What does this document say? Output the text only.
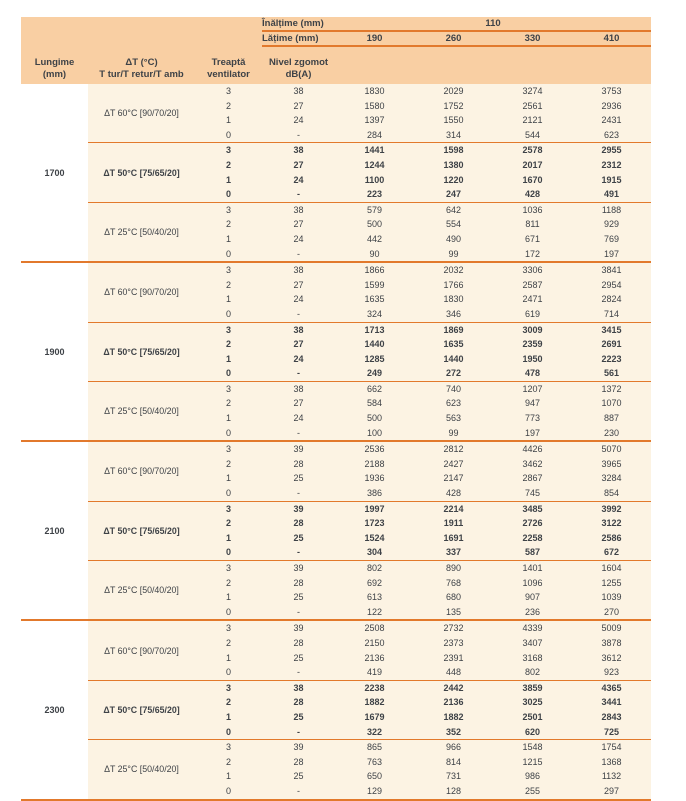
Înălțime (mm)	110
Lățime (mm)	190	260	330	410
Lungime
(mm)
ΔT (°C)
T tur/T retur/T amb
Treaptă
ventilator
Nivel zgomot
dB(A)
1700
ΔT 60°C [90/70/20]
3	38	1830	2029	3274	3753
2	27	1580	1752	2561	2936
1	24	1397	1550	2121	2431
0	-	284	314	544	623
ΔT 50°C [75/65/20]
3	38	1441	1598	2578	2955
2	27	1244	1380	2017	2312
1	24	1100	1220	1670	1915
0	-	223	247	428	491
ΔT 25°C [50/40/20]
3	38	579	642	1036	1188
2	27	500	554	811	929
1	24	442	490	671	769
0	-	90	99	172	197
1900
ΔT 60°C [90/70/20]
3	38	1866	2032	3306	3841
2	27	1599	1766	2587	2954
1	24	1635	1830	2471	2824
0	-	324	346	619	714
ΔT 50°C [75/65/20]
3	38	1713	1869	3009	3415
2	27	1440	1635	2359	2691
1	24	1285	1440	1950	2223
0	-	249	272	478	561
ΔT 25°C [50/40/20]
3	38	662	740	1207	1372
2	27	584	623	947	1070
1	24	500	563	773	887
0	-	100	99	197	230
2100
ΔT 60°C [90/70/20]
3	39	2536	2812	4426	5070
2	28	2188	2427	3462	3965
1	25	1936	2147	2867	3284
0	-	386	428	745	854
ΔT 50°C [75/65/20]
3	39	1997	2214	3485	3992
2	28	1723	1911	2726	3122
1	25	1524	1691	2258	2586
0	-	304	337	587	672
ΔT 25°C [50/40/20]
3	39	802	890	1401	1604
2	28	692	768	1096	1255
1	25	613	680	907	1039
0	-	122	135	236	270
2300
ΔT 60°C [90/70/20]
3	39	2508	2732	4339	5009
2	28	2150	2373	3407	3878
1	25	2136	2391	3168	3612
0	-	419	448	802	923
ΔT 50°C [75/65/20]
3	38	2238	2442	3859	4365
2	28	1882	2136	3025	3441
1	25	1679	1882	2501	2843
0	-	322	352	620	725
ΔT 25°C [50/40/20]
3	39	865	966	1548	1754
2	28	763	814	1215	1368
1	25	650	731	986	1132
0	-	129	128	255	297
